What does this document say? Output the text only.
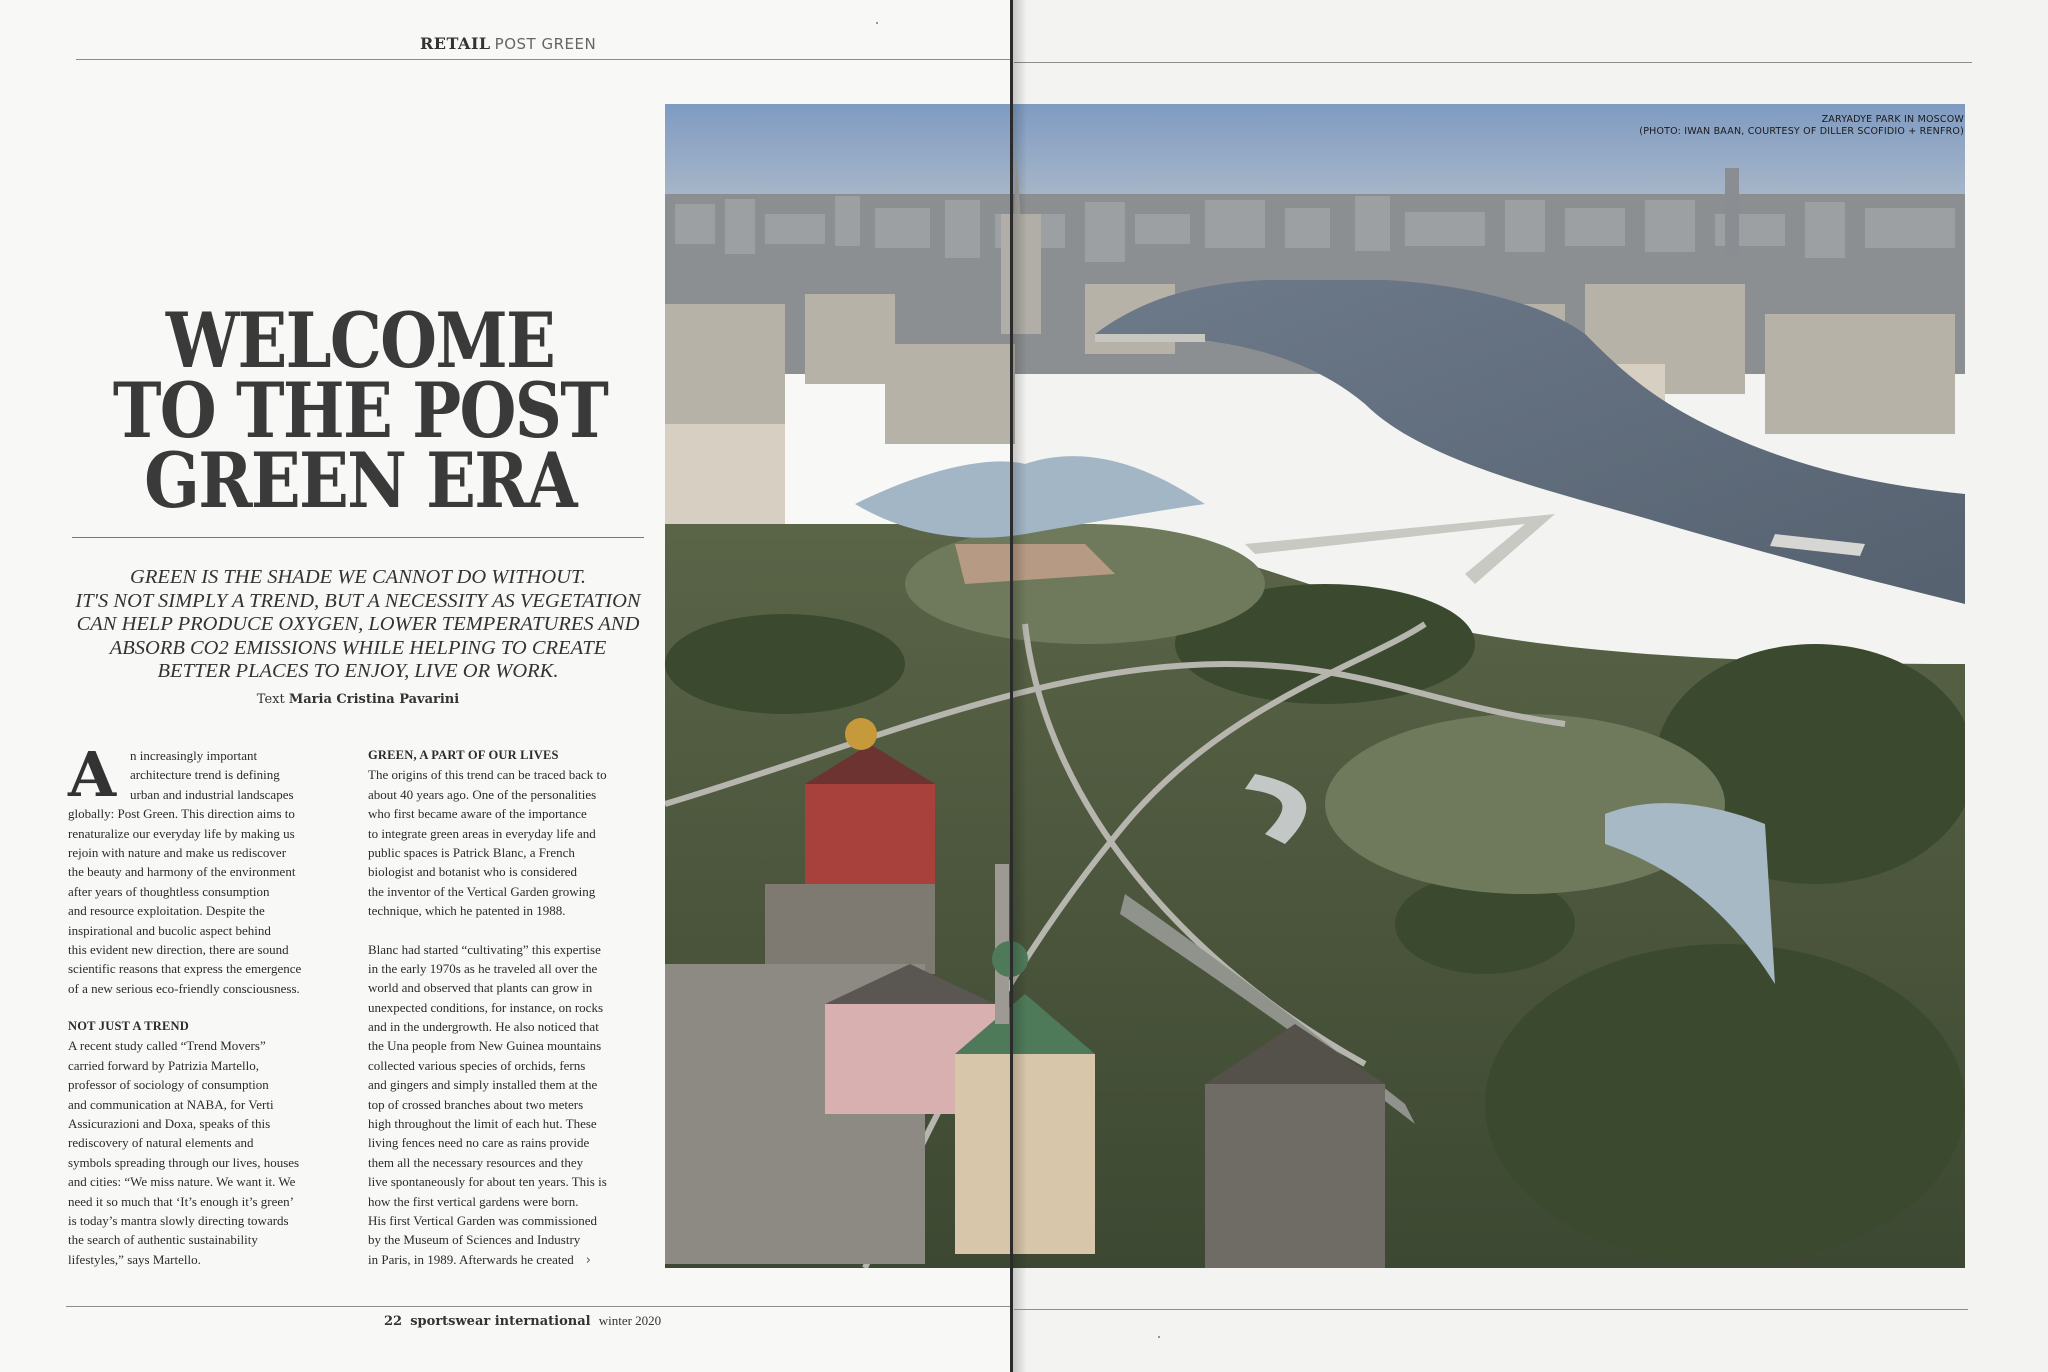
RETAIL POST GREEN
WELCOME
TO THE POST
GREEN ERA
GREEN IS THE SHADE WE CANNOT DO WITHOUT.
IT'S NOT SIMPLY A TREND, BUT A NECESSITY AS VEGETATION
CAN HELP PRODUCE OXYGEN, LOWER TEMPERATURES AND
ABSORB CO2 EMISSIONS WHILE HELPING TO CREATE
BETTER PLACES TO ENJOY, LIVE OR WORK.
Text Maria Cristina Pavarini
A	n increasingly important
architecture trend is defining
urban and industrial landscapes
globally: Post Green. This direction aims to
renaturalize our everyday life by making us
rejoin with nature and make us rediscover
the beauty and harmony of the environment
after years of thoughtless consumption
and resource exploitation. Despite the
inspirational and bucolic aspect behind
this evident new direction, there are sound
scientific reasons that express the emergence
of a new serious eco-friendly consciousness.
NOT JUST A TREND
A recent study called “Trend Movers”
carried forward by Patrizia Martello,
professor of sociology of consumption
and communication at NABA, for Verti
Assicurazioni and Doxa, speaks of this
rediscovery of natural elements and
symbols spreading through our lives, houses
and cities: “We miss nature. We want it. We
need it so much that ‘It’s enough it’s green’
is today’s mantra slowly directing towards
the search of authentic sustainability
lifestyles,” says Martello.
GREEN, A PART OF OUR LIVES
The origins of this trend can be traced back to
about 40 years ago. One of the personalities
who first became aware of the importance
to integrate green areas in everyday life and
public spaces is Patrick Blanc, a French
biologist and botanist who is considered
the inventor of the Vertical Garden growing
technique, which he patented in 1988.
Blanc had started “cultivating” this expertise
in the early 1970s as he traveled all over the
world and observed that plants can grow in
unexpected conditions, for instance, on rocks
and in the undergrowth. He also noticed that
the Una people from New Guinea mountains
collected various species of orchids, ferns
and gingers and simply installed them at the
top of crossed branches about two meters
high throughout the limit of each hut. These
living fences need no care as rains provide
them all the necessary resources and they
live spontaneously for about ten years. This is
how the first vertical gardens were born.
His first Vertical Garden was commissioned
by the Museum of Sciences and Industry
in Paris, in 1989. Afterwards he created ›
ZARYADYE PARK IN MOSCOW
(PHOTO: IWAN BAAN, COURTESY OF DILLER SCOFIDIO + RENFRO)
22 sportswear international winter 2020
